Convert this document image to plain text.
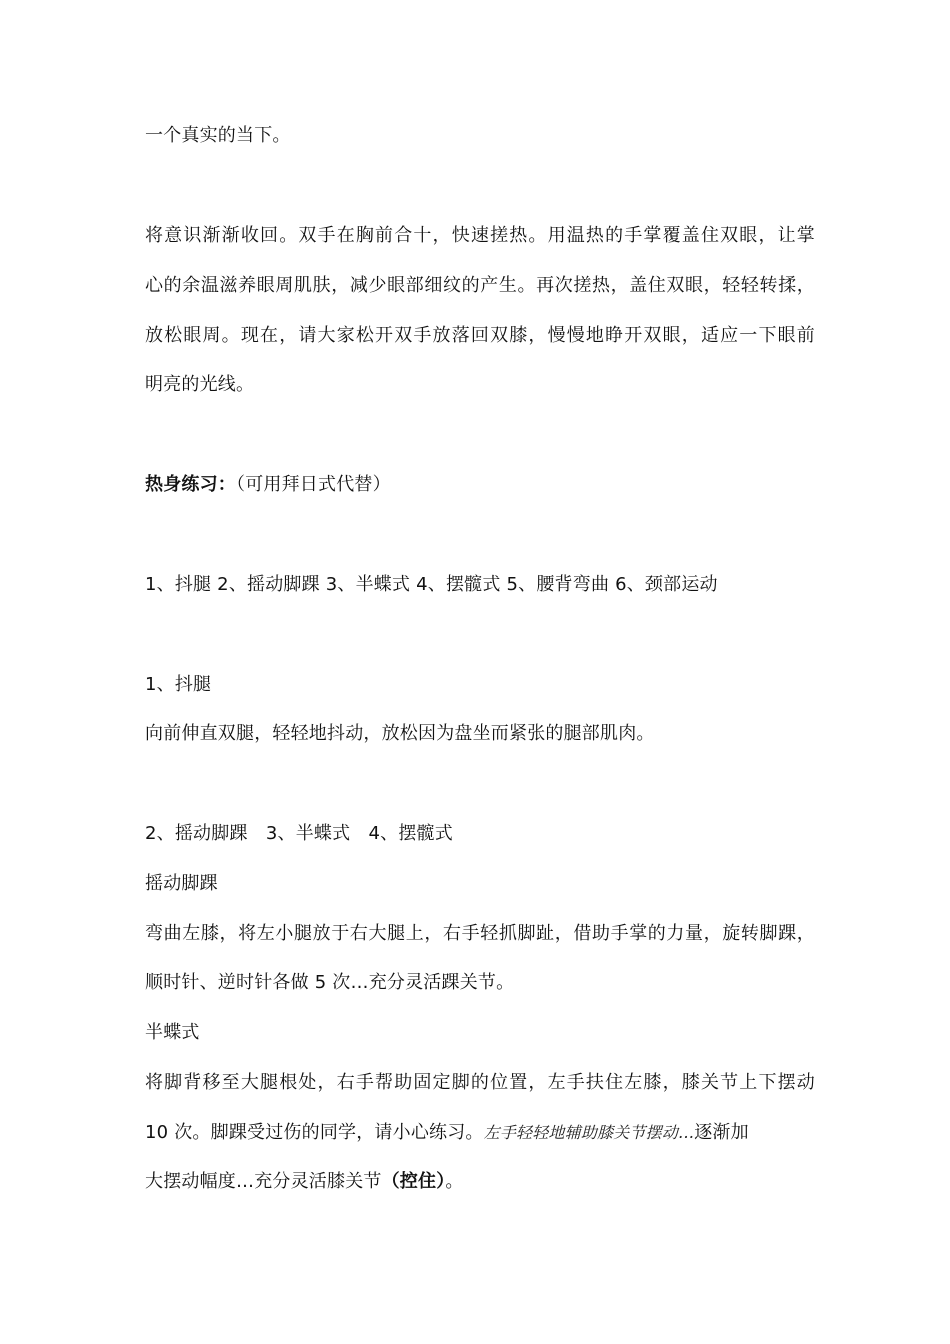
一个真实的当下。
将意识渐渐收回。双手在胸前合十，快速搓热。用温热的手掌覆盖住双眼，让掌
心的余温滋养眼周肌肤，减少眼部细纹的产生。再次搓热，盖住双眼，轻轻转揉，
放松眼周。现在，请大家松开双手放落回双膝，慢慢地睁开双眼，适应一下眼前
明亮的光线。
热身练习：（可用拜日式代替）
1、抖腿 2、摇动脚踝 3、半蝶式 4、摆髋式 5、腰背弯曲 6、颈部运动
1、抖腿
向前伸直双腿，轻轻地抖动，放松因为盘坐而紧张的腿部肌肉。
2、摇动脚踝　3、半蝶式　4、摆髋式
摇动脚踝
弯曲左膝，将左小腿放于右大腿上，右手轻抓脚趾，借助手掌的力量，旋转脚踝，
顺时针、逆时针各做 5 次…充分灵活踝关节。
半蝶式
将脚背移至大腿根处，右手帮助固定脚的位置，左手扶住左膝，膝关节上下摆动
10 次。脚踝受过伤的同学，请小心练习。左手轻轻地辅助膝关节摆动…逐渐加
大摆动幅度…充分灵活膝关节（控住）。
